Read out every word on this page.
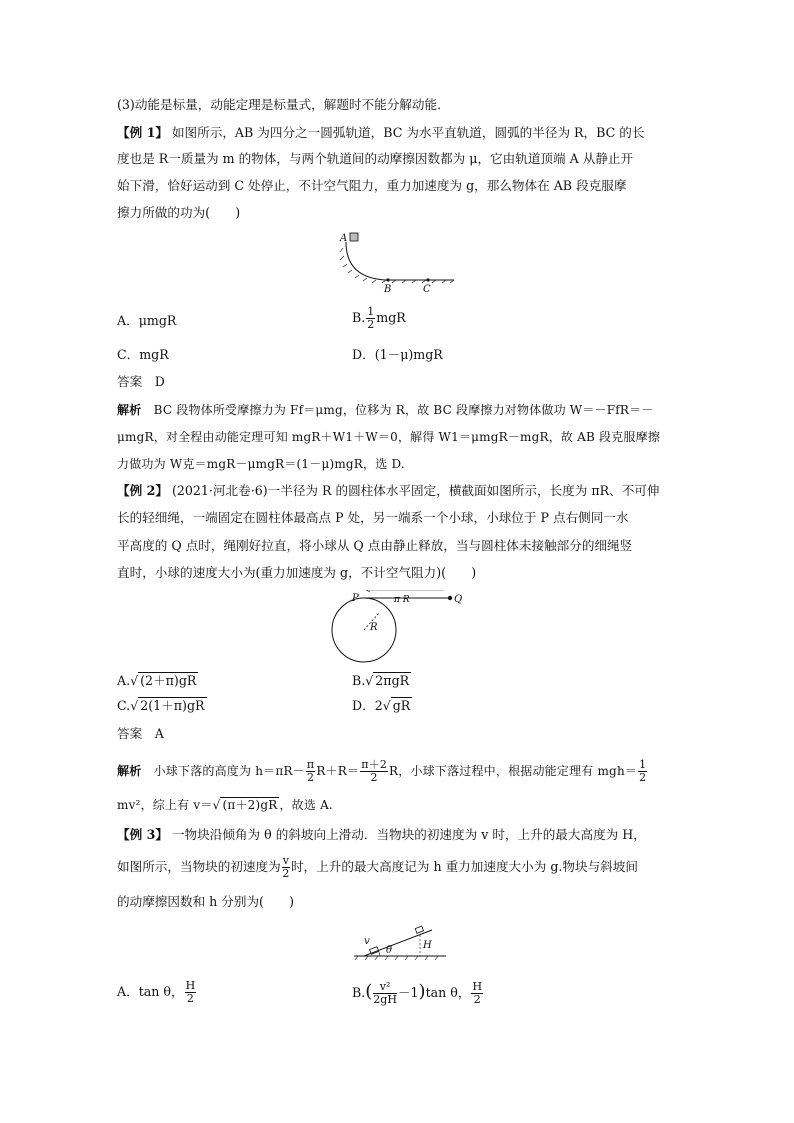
(3)动能是标量，动能定理是标量式，解题时不能分解动能．
【例 1】 如图所示，AB 为四分之一圆弧轨道，BC 为水平直轨道，圆弧的半径为 R，BC 的长
度也是 R一质量为 m 的物体，与两个轨道间的动摩擦因数都为 μ，它由轨道顶端 A 从静止开
始下滑，恰好运动到 C 处停止，不计空气阻力，重力加速度为 g，那么物体在 AB 段克服摩
擦力所做的功为(　　)
A
B	C
A．μmgR	B. $\frac{1}{2}$ mgR
C．mgR	D．(1－μ)mgR
答案　D
解析　 BC 段物体所受摩擦力为 Ff＝μmg，位移为 R，故 BC 段摩擦力对物体做功 W＝－FfR＝－
μmgR，对全程由动能定理可知 mgR＋W1＋W＝0，解得 W1＝μmgR－mgR，故 AB 段克服摩擦
力做功为 W克＝mgR－μmgR＝(1－μ)mgR，选 D.
【例 2】 (2021·河北卷·6)一半径为 R 的圆柱体水平固定，横截面如图所示，长度为 πR、不可伸
长的轻细绳，一端固定在圆柱体最高点 P 处，另一端系一个小球，小球位于 P 点右侧同一水
平高度的 Q 点时，绳刚好拉直，将小球从 Q 点由静止释放，当与圆柱体未接触部分的细绳竖
直时，小球的速度大小为(重力加速度为 g，不计空气阻力)(　　)
P	Q
π R
R
A.√ (2＋π)gR	B.√ 2πgR
C.√ 2(1＋π)gR	D．2√ gR
答案　A
解析　 小球下落的高度为 $h=\pi R- \frac{\pi}{2} R+R= \frac{\pi+2}{2}$ R，小球下落过程中，根据动能定理有 $mgh= \frac{1}{2}$
mv²，综上有 v＝√ (π＋2)gR ，故选 A.
【例 3】 一物块沿倾角为 θ 的斜坡向上滑动．当物块的初速度为 v 时，上升的最大高度为 H，
如图所示，当物块的初速度为 $\frac{v}{2}$ 时，上升的最大高度记为 h 重力加速度大小为 g.物块与斜坡间
的动摩擦因数和 h 分别为(　　)
v
θ	H
A．tan θ， $\frac{H}{2}$	$B.( \frac{\text{v²}}{2gH} -1)\tan$ θ， $\frac{H}{2}$
